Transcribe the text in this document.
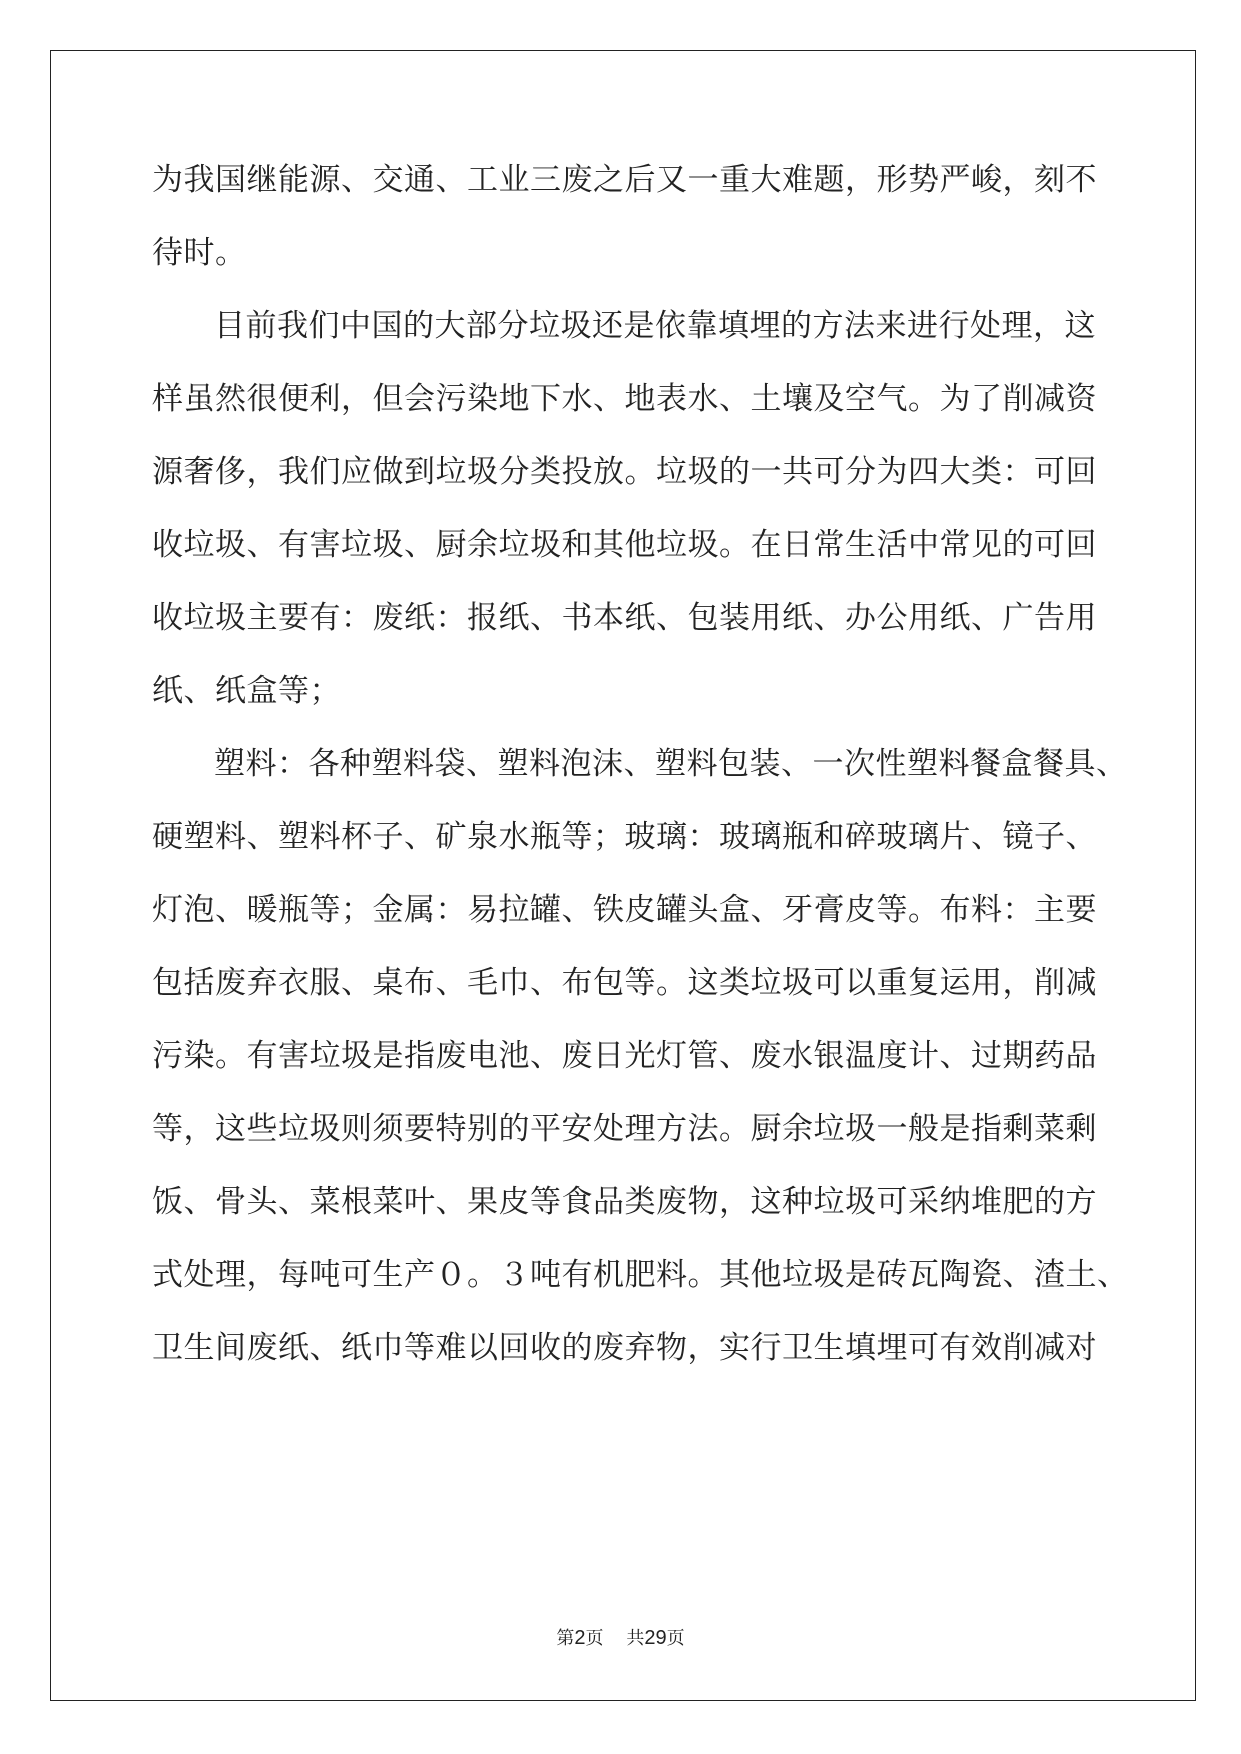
为我国继能源、交通、工业三废之后又一重大难题，形势严峻，刻不
待时。
目前我们中国的大部分垃圾还是依靠填埋的方法来进行处理，这
样虽然很便利，但会污染地下水、地表水、土壤及空气。为了削减资
源奢侈，我们应做到垃圾分类投放。垃圾的一共可分为四大类：可回
收垃圾、有害垃圾、厨余垃圾和其他垃圾。在日常生活中常见的可回
收垃圾主要有：废纸：报纸、书本纸、包装用纸、办公用纸、广告用
纸、纸盒等；
塑料：各种塑料袋、塑料泡沫、塑料包装、一次性塑料餐盒餐具、
硬塑料、塑料杯子、矿泉水瓶等；玻璃：玻璃瓶和碎玻璃片、镜子、
灯泡、暖瓶等；金属：易拉罐、铁皮罐头盒、牙膏皮等。布料：主要
包括废弃衣服、桌布、毛巾、布包等。这类垃圾可以重复运用，削减
污染。有害垃圾是指废电池、废日光灯管、废水银温度计、过期药品
等，这些垃圾则须要特别的平安处理方法。厨余垃圾一般是指剩菜剩
饭、骨头、菜根菜叶、果皮等食品类废物，这种垃圾可采纳堆肥的方
式处理，每吨可生产０。３吨有机肥料。其他垃圾是砖瓦陶瓷、渣土、
卫生间废纸、纸巾等难以回收的废弃物，实行卫生填埋可有效削减对
第2页 共29页
